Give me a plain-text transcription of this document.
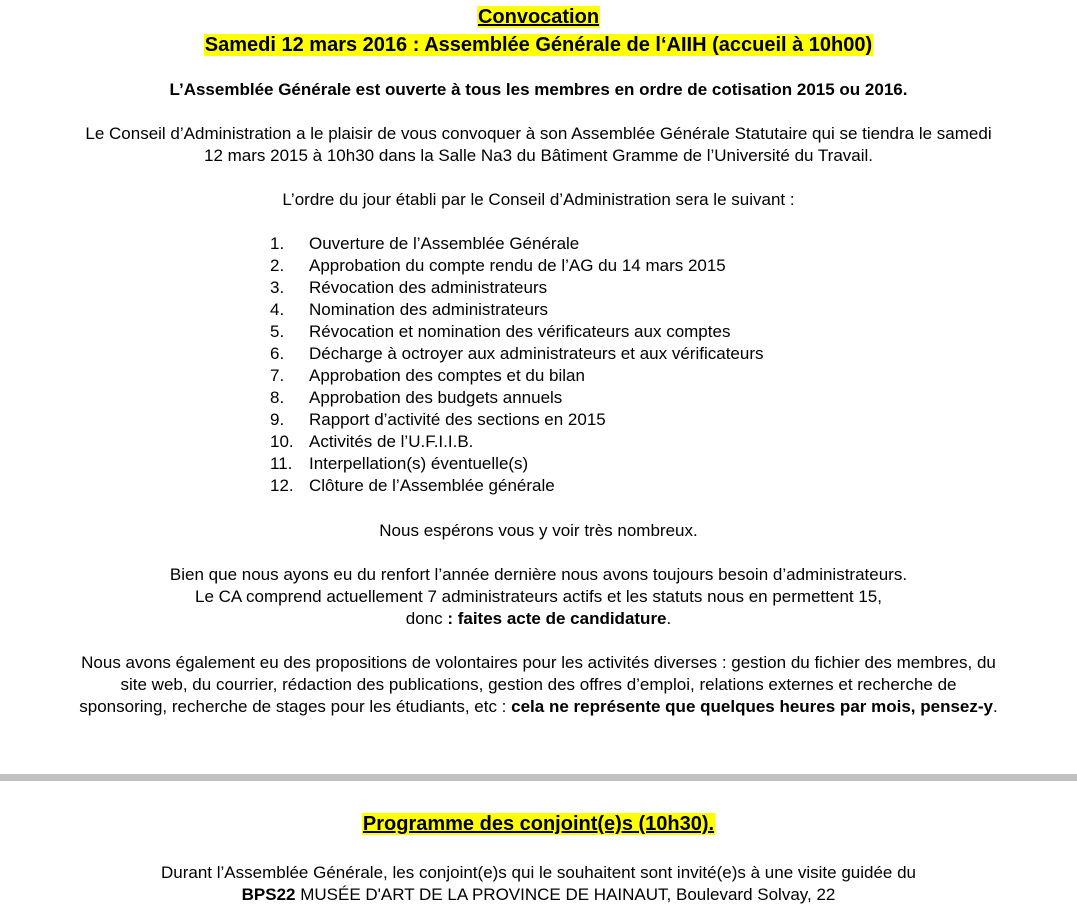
Convocation
Samedi 12 mars 2016 : Assemblée Générale de l‘AIIH (accueil à 10h00)
L’Assemblée Générale est ouverte à tous les membres en ordre de cotisation 2015 ou 2016.
Le Conseil d’Administration a le plaisir de vous convoquer à son Assemblée Générale Statutaire qui se tiendra le samedi
12 mars 2015 à 10h30 dans la Salle Na3 du Bâtiment Gramme de l’Université du Travail.
L’ordre du jour établi par le Conseil d’Administration sera le suivant :
1.	Ouverture de l’Assemblée Générale
2.	Approbation du compte rendu de l’AG du 14 mars 2015
3.	Révocation des administrateurs
4.	Nomination des administrateurs
5.	Révocation et nomination des vérificateurs aux comptes
6.	Décharge à octroyer aux administrateurs et aux vérificateurs
7.	Approbation des comptes et du bilan
8.	Approbation des budgets annuels
9.	Rapport d’activité des sections en 2015
10. Activités de l’U.F.I.I.B.
11. Interpellation(s) éventuelle(s)
12. Clôture de l’Assemblée générale
Nous espérons vous y voir très nombreux.
Bien que nous ayons eu du renfort l’année dernière nous avons toujours besoin d’administrateurs.
Le CA comprend actuellement 7 administrateurs actifs et les statuts nous en permettent 15,
donc : faites acte de candidature.
Nous avons également eu des propositions de volontaires pour les activités diverses : gestion du fichier des membres, du
site web, du courrier, rédaction des publications, gestion des offres d’emploi, relations externes et recherche de
sponsoring, recherche de stages pour les étudiants, etc : cela ne représente que quelques heures par mois, pensez-y.
Programme des conjoint(e)s (10h30).
Durant l’Assemblée Générale, les conjoint(e)s qui le souhaitent sont invité(e)s à une visite guidée du
BPS22 MUSÉE D'ART DE LA PROVINCE DE HAINAUT, Boulevard Solvay, 22
